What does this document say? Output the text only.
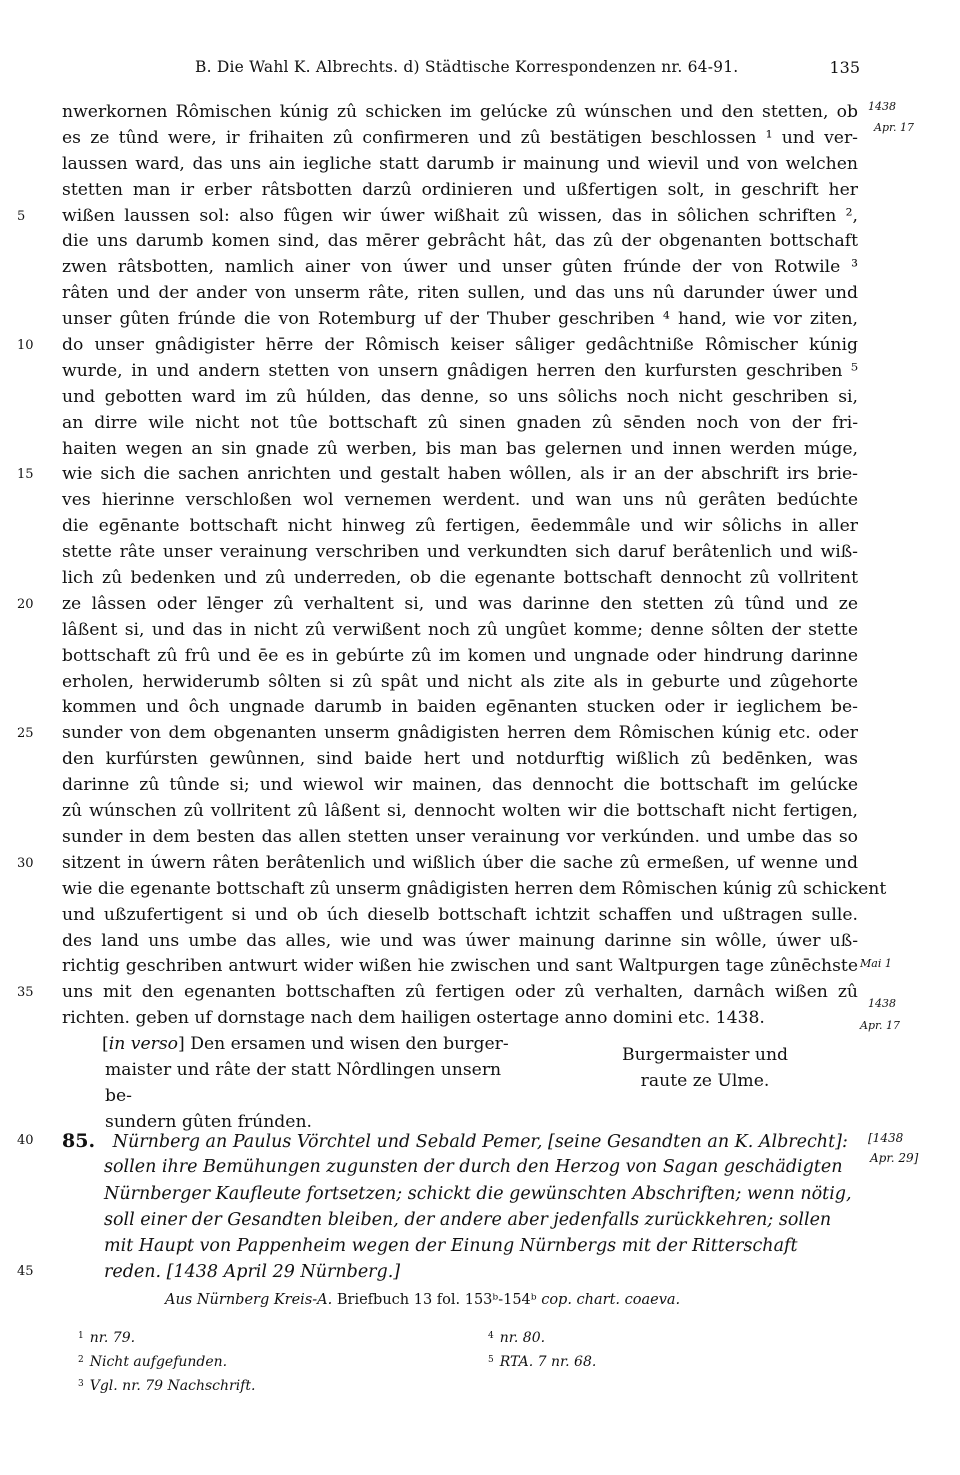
B. Die Wahl K. Albrechts. d) Städtische Korrespondenzen nr. 64-91.	135
nwerkornen Rômischen kúnig zû schicken im gelúcke zû wúnschen und den stetten, ob
es ze tûnd were, ir frihaiten zû confirmeren und zû bestätigen beschlossen ¹ und ver-
laussen ward, das uns ain iegliche statt darumb ir mainung und wievil und von welchen
stetten man ir erber râtsbotten darzû ordinieren und ußfertigen solt, in geschrift her
5	wißen laussen sol: also fûgen wir úwer wißhait zû wissen, das in sôlichen schriften ²,
die uns darumb komen sind, das mērer gebrâcht hât, das zû der obgenanten bottschaft
zwen râtsbotten, namlich ainer von úwer und unser gûten frúnde der von Rotwile ³
râten und der ander von unserm râte, riten sullen, und das uns nû darunder úwer und
unser gûten frúnde die von Rotemburg uf der Thuber geschriben ⁴ hand, wie vor ziten,
10	do unser gnâdigister hērre der Rômisch keiser sâliger gedâchtniße Rômischer kúnig
wurde, in und andern stetten von unsern gnâdigen herren den kurfursten geschriben ⁵
und gebotten ward im zû húlden, das denne, so uns sôlichs noch nicht geschriben si,
an dirre wile nicht not tûe bottschaft zû sinen gnaden zû sēnden noch von der fri-
haiten wegen an sin gnade zû werben, bis man bas gelernen und innen werden múge,
15	wie sich die sachen anrichten und gestalt haben wôllen, als ir an der abschrift irs brie-
ves hierinne verschloßen wol vernemen werdent. und wan uns nû gerâten bedúchte
die egēnante bottschaft nicht hinweg zû fertigen, ēedemmâle und wir sôlichs in aller
stette râte unser verainung verschriben und verkundten sich daruf berâtenlich und wiß-
lich zû bedenken und zû underreden, ob die egenante bottschaft dennocht zû vollritent
20	ze lâssen oder lēnger zû verhaltent si, und was darinne den stetten zû tûnd und ze
lâßent si, und das in nicht zû verwißent noch zû ungûet komme; denne sôlten der stette
bottschaft zû frû und ēe es in gebúrte zû im komen und ungnade oder hindrung darinne
erholen, herwiderumb sôlten si zû spât und nicht als zite als in geburte und zûgehorte
kommen und ôch ungnade darumb in baiden egēnanten stucken oder ir ieglichem be-
25	sunder von dem obgenanten unserm gnâdigisten herren dem Rômischen kúnig etc. oder
den kurfúrsten gewûnnen, sind baide hert und notdurftig wißlich zû bedēnken, was
darinne zû tûnde si; und wiewol wir mainen, das dennocht die bottschaft im gelúcke
zû wúnschen zû vollritent zû lâßent si, dennocht wolten wir die bottschaft nicht fertigen,
sunder in dem besten das allen stetten unser verainung vor verkúnden. und umbe das so
30	sitzent in úwern râten berâtenlich und wißlich úber die sache zû ermeßen, uf wenne und
wie die egenante bottschaft zû unserm gnâdigisten herren dem Rômischen kúnig zû schickent
und ußzufertigent si und ob úch dieselb bottschaft ichtzit schaffen und ußtragen sulle.
des land uns umbe das alles, wie und was úwer mainung darinne sin wôlle, úwer uß-
richtig geschriben antwurt wider wißen hie zwischen und sant Waltpurgen tage zûnēchste
35	uns mit den egenanten bottschaften zû fertigen oder zû verhalten, darnâch wißen zû
richten. geben uf dornstage nach dem hailigen ostertage anno domini etc. 1438.
1438
Apr. 17
Mai 1
1438
Apr. 17
[in verso] Den ersamen und wisen den burger-
maister und râte der statt Nôrdlingen unsern be-
sundern gûten frúnden.
Burgermaister und
raute ze Ulme.
40	85. Nürnberg an Paulus Vörchtel und Sebald Pemer, [seine Gesandten an K. Albrecht]:
sollen ihre Bemühungen zugunsten der durch den Herzog von Sagan geschädigten
Nürnberger Kaufleute fortsetzen; schickt die gewünschten Abschriften; wenn nötig,
soll einer der Gesandten bleiben, der andere aber jedenfalls zurückkehren; sollen
mit Haupt von Pappenheim wegen der Einung Nürnbergs mit der Ritterschaft
45	reden. [1438 April 29 Nürnberg.]
[1438
Apr. 29]
Aus Nürnberg Kreis-A. Briefbuch 13 fol. 153ᵇ-154ᵇ cop. chart. coaeva.
$^1$ nr. 79.
$^2$ Nicht aufgefunden.
$^3$ Vgl. nr. 79 Nachschrift.
$^4$ nr. 80.
$^5$ RTA. 7 nr. 68.
